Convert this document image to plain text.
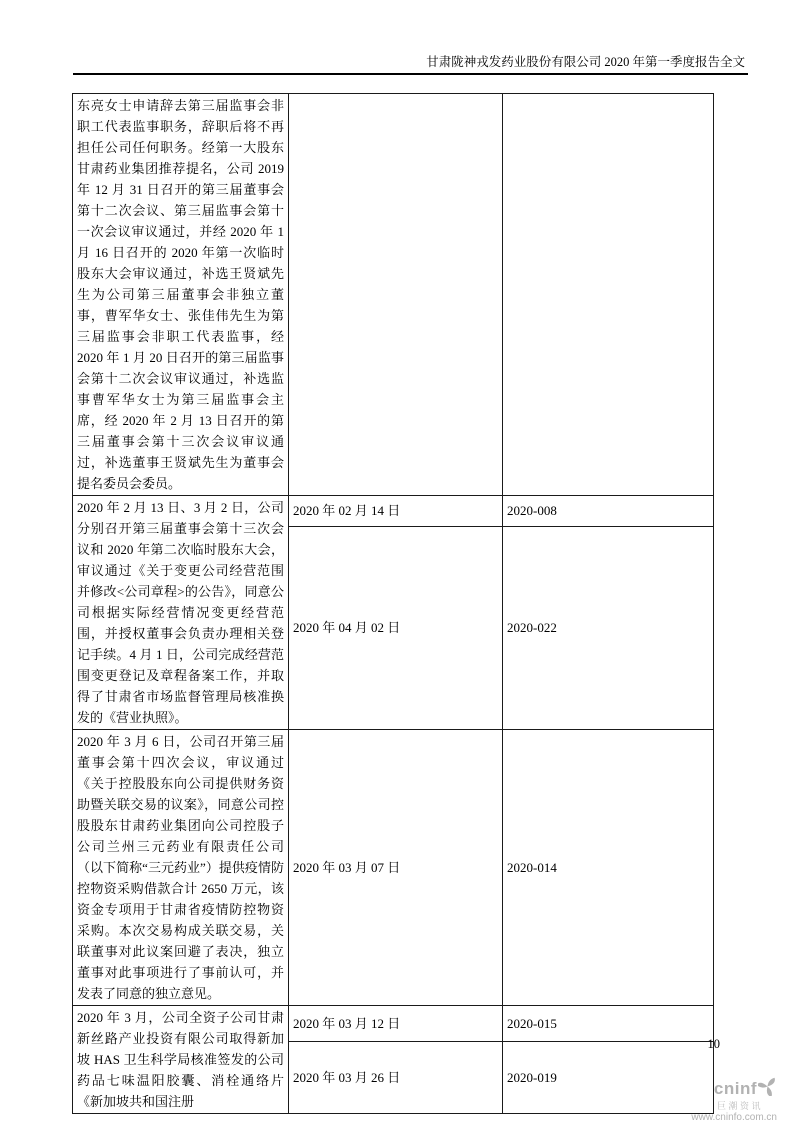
甘肃陇神戎发药业股份有限公司 2020 年第一季度报告全文
东亮女士申请辞去第三届监事会非职工代表监事职务，辞职后将不再担任公司任何职务。经第一大股东甘肃药业集团推荐提名，公司 2019 年 12 月 31 日召开的第三届董事会第十二次会议、第三届监事会第十一次会议审议通过，并经 2020 年 1 月 16 日召开的 2020 年第一次临时股东大会审议通过，补选王贤斌先生为公司第三届董事会非独立董事，曹军华女士、张佳伟先生为第三届监事会非职工代表监事，经 2020 年 1 月 20 日召开的第三届监事会第十二次会议审议通过，补选监事曹军华女士为第三届监事会主席，经 2020 年 2 月 13 日召开的第三届董事会第十三次会议审议通过，补选董事王贤斌先生为董事会提名委员会委员。		
2020 年 2 月 13 日、3 月 2 日，公司分别召开第三届董事会第十三次会议和 2020 年第二次临时股东大会，审议通过《关于变更公司经营范围并修改<公司章程>的公告》，同意公司根据实际经营情况变更经营范围，并授权董事会负责办理相关登记手续。4 月 1 日，公司完成经营范围变更登记及章程备案工作，并取得了甘肃省市场监督管理局核准换发的《营业执照》。	2020 年 02 月 14 日	2020-008
	2020 年 04 月 02 日	2020-022
2020 年 3 月 6 日，公司召开第三届董事会第十四次会议，审议通过《关于控股股东向公司提供财务资助暨关联交易的议案》，同意公司控股股东甘肃药业集团向公司控股子公司兰州三元药业有限责任公司（以下简称“三元药业”）提供疫情防控物资采购借款合计 2650 万元，该资金专项用于甘肃省疫情防控物资采购。本次交易构成关联交易，关联董事对此议案回避了表决，独立董事对此事项进行了事前认可，并发表了同意的独立意见。	2020 年 03 月 07 日	2020-014
2020 年 3 月，公司全资子公司甘肃新丝路产业投资有限公司取得新加坡 HAS 卫生科学局核准签发的公司药品七味温阳胶囊、消栓通络片《新加坡共和国注册	2020 年 03 月 12 日	2020-015
	2020 年 03 月 26 日	2020-019
10
cninf
巨潮资讯
www.cninfo.com.cn
